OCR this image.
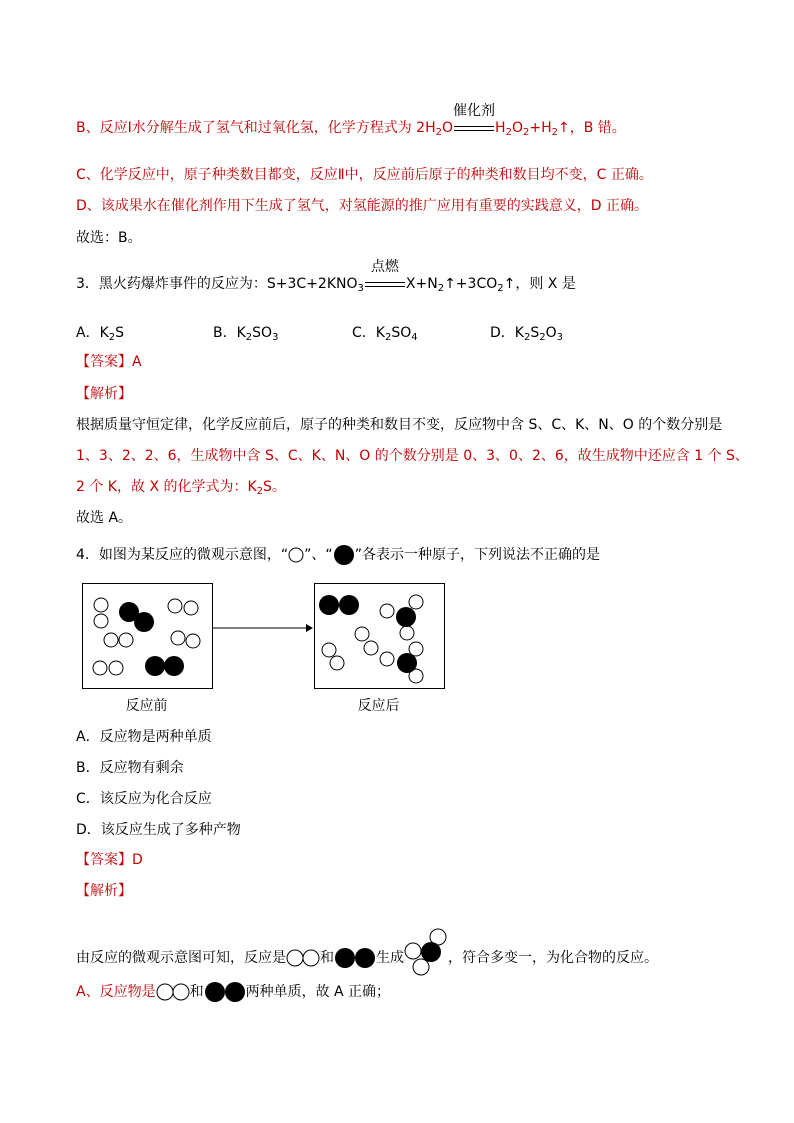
B、反应Ⅰ水分解生成了氢气和过氧化氢，化学方程式为 $2H_2O$
催化剂
$H_2O_2+H_2↑$，B 错。
C、化学反应中，原子种类数目都变，反应Ⅱ中，反应前后原子的种类和数目均不变，C 正确。
D、该成果水在催化剂作用下生成了氢气，对氢能源的推广应用有重要的实践意义，D 正确。
故选：B。
3．黑火药爆炸事件的反应为：$S+3C+2KNO_3$
点燃
$X+N_2↑+3CO_2↑$，则 X 是
A．$K_2S$	B．$K_2SO_3$	C．$K_2SO_4$	D．$K_2S_2O_3$
【答案】A
【解析】
根据质量守恒定律，化学反应前后，原子的种类和数目不变，反应物中含 S、C、K、N、O 的个数分别是
1、3、2、2、6，生成物中含 S、C、K、N、O 的个数分别是 0、3、0、2、6，故生成物中还应含 1 个 S、
2 个 K，故 X 的化学式为：$K_2S$。
故选 A。
4．如图为某反应的微观示意图，“ ”、“ ”各表示一种原子，下列说法不正确的是
反应前	反应后
A．反应物是两种单质
B．反应物有剩余
C．该反应为化合反应
D．该反应生成了多种产物
【答案】D
【解析】
由反应的微观示意图可知，反应是 和	生成	，符合多变一，为化合物的反应。
A、反应物是 和	两种单质，故 A 正确；
